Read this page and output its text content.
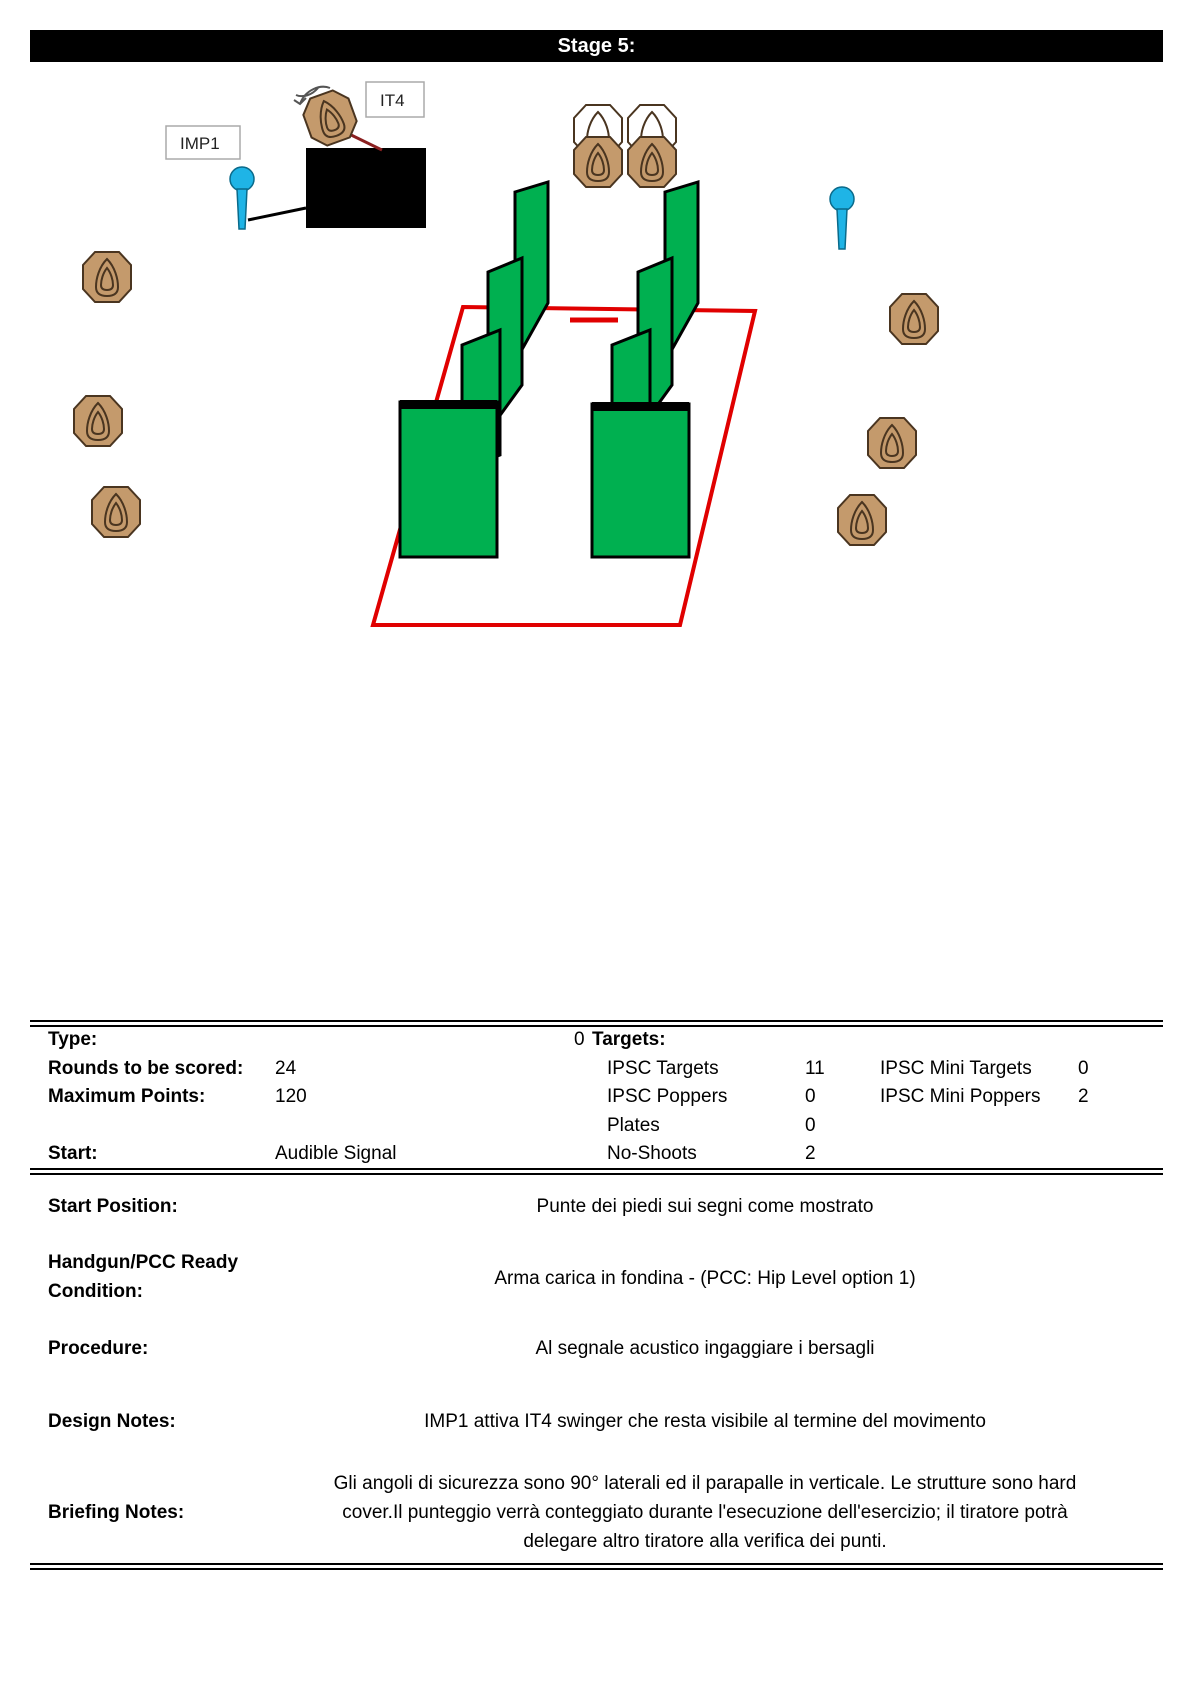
Stage 5:
IT4
IMP1
Type:	0 Targets:
Rounds to be scored: 24	IPSC Targets	11	IPSC Mini Targets 0
Maximum Points:	120	IPSC Poppers	0	IPSC Mini Poppers 2
Plates	0
Start:	Audible Signal	No-Shoots	2
Start Position:	Punte dei piedi sui segni come mostrato
Handgun/PCC Ready
Condition:
Arma carica in fondina - (PCC: Hip Level option 1)
Procedure:	Al segnale acustico ingaggiare i bersagli
Design Notes:	IMP1 attiva IT4 swinger che resta visibile al termine del movimento
Briefing Notes:
Gli angoli di sicurezza sono 90° laterali ed il parapalle in verticale. Le strutture sono hard
cover.Il punteggio verrà conteggiato durante l'esecuzione dell'esercizio; il tiratore potrà
delegare altro tiratore alla verifica dei punti.
